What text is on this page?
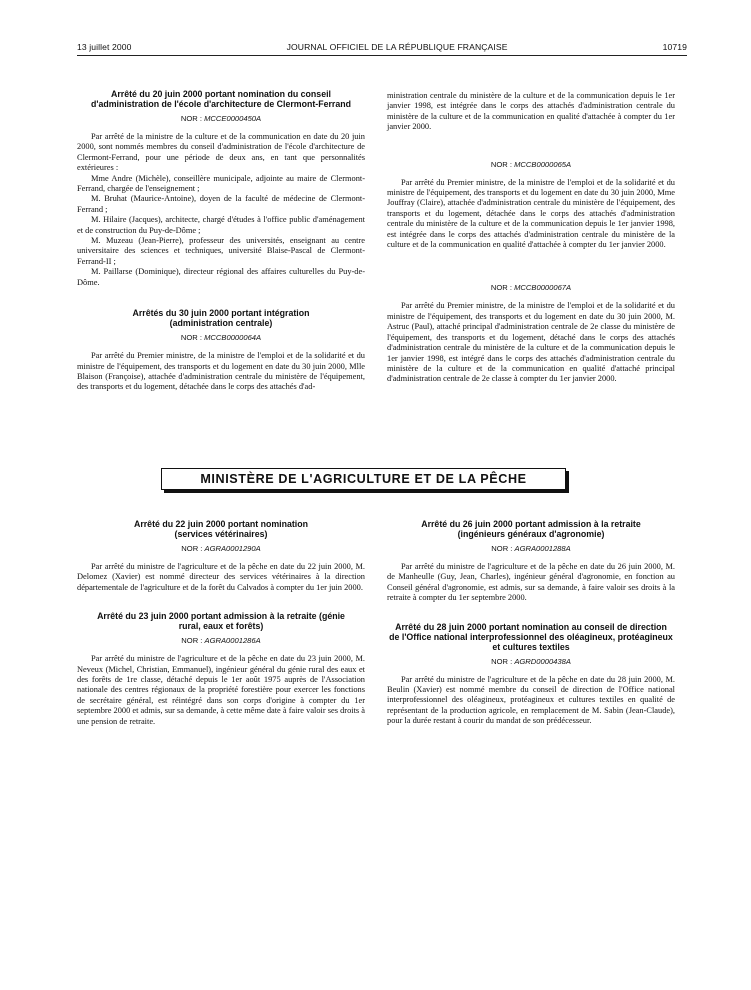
13 juillet 2000	JOURNAL OFFICIEL DE LA RÉPUBLIQUE FRANÇAISE	10719
Arrêté du 20 juin 2000 portant nomination du conseil d'administration de l'école d'architecture de Clermont-Ferrand
NOR : MCCE0000450A

Par arrêté de la ministre de la culture et de la communication en date du 20 juin 2000, sont nommés membres du conseil d'administration de l'école d'architecture de Clermont-Ferrand, pour une période de deux ans, en tant que personnalités extérieures :

Mme Andre (Michèle), conseillère municipale, adjointe au maire de Clermont-Ferrand, chargée de l'enseignement ;

M. Bruhat (Maurice-Antoine), doyen de la faculté de médecine de Clermont-Ferrand ;

M. Hilaire (Jacques), architecte, chargé d'études à l'office public d'aménagement et de construction du Puy-de-Dôme ;

M. Muzeau (Jean-Pierre), professeur des universités, enseignant au centre universitaire des sciences et techniques, université Blaise-Pascal de Clermont-Ferrand-II ;

M. Paillarse (Dominique), directeur régional des affaires culturelles du Puy-de-Dôme.

Arrêtés du 30 juin 2000 portant intégration (administration centrale)
NOR : MCCB0000064A

Par arrêté du Premier ministre, de la ministre de l'emploi et de la solidarité et du ministre de l'équipement, des transports et du logement en date du 30 juin 2000, Mlle Blaison (Françoise), attachée d'administration centrale du ministère de l'équipement, des transports et du logement, détachée dans le corps des attachés d'ad-

ministration centrale du ministère de la culture et de la communication depuis le 1er janvier 1998, est intégrée dans le corps des attachés d'administration centrale du ministère de la culture et de la communication en qualité d'attachée à compter du 1er janvier 2000.

NOR : MCCB0000065A

Par arrêté du Premier ministre, de la ministre de l'emploi et de la solidarité et du ministre de l'équipement, des transports et du logement en date du 30 juin 2000, Mme Jouffray (Claire), attachée d'administration centrale du ministère de l'équipement, des transports et du logement, détachée dans le corps des attachés d'administration centrale du ministère de la culture et de la communication depuis le 1er janvier 1998, est intégrée dans le corps des attachés d'administration centrale du ministère de la culture et de la communication en qualité d'attachée à compter du 1er janvier 2000.

NOR : MCCB0000067A

Par arrêté du Premier ministre, de la ministre de l'emploi et de la solidarité et du ministre de l'équipement, des transports et du logement en date du 30 juin 2000, M. Astruc (Paul), attaché principal d'administration centrale de 2e classe du ministère de l'équipement, des transports et du logement, détaché dans le corps des attachés d'administration centrale du ministère de la culture et de la communication depuis le 1er janvier 1998, est intégré dans le corps des attachés d'administration centrale du ministère de la culture et de la communication en qualité d'attaché principal d'administration centrale de 2e classe à compter du 1er janvier 2000.

MINISTÈRE DE L'AGRICULTURE ET DE LA PÊCHE
Arrêté du 22 juin 2000 portant nomination (services vétérinaires)
NOR : AGRA0001290A

Par arrêté du ministre de l'agriculture et de la pêche en date du 22 juin 2000, M. Delomez (Xavier) est nommé directeur des services vétérinaires à la direction départementale de l'agriculture et de la forêt du Calvados à compter du 1er juin 2000.

Arrêté du 23 juin 2000 portant admission à la retraite (génie rural, eaux et forêts)
NOR : AGRA0001286A

Par arrêté du ministre de l'agriculture et de la pêche en date du 23 juin 2000, M. Neveux (Michel, Christian, Emmanuel), ingénieur général du génie rural des eaux et des forêts de 1re classe, détaché depuis le 1er août 1975 auprès de l'Association nationale des centres régionaux de la propriété forestière pour exercer les fonctions de secrétaire général, est réintégré dans son corps d'origine à compter du 1er septembre 2000 et admis, sur sa demande, à cette même date à faire valoir ses droits à une pension de retraite.

Arrêté du 26 juin 2000 portant admission à la retraite (ingénieurs généraux d'agronomie)
NOR : AGRA0001288A

Par arrêté du ministre de l'agriculture et de la pêche en date du 26 juin 2000, M. de Manheulle (Guy, Jean, Charles), ingénieur général d'agronomie, en fonction au Conseil général d'agronomie, est admis, sur sa demande, à faire valoir ses droits à la retraite à compter du 1er septembre 2000.

Arrêté du 28 juin 2000 portant nomination au conseil de direction de l'Office national interprofessionnel des oléagineux, protéagineux et cultures textiles
NOR : AGRD0000438A

Par arrêté du ministre de l'agriculture et de la pêche en date du 28 juin 2000, M. Beulin (Xavier) est nommé membre du conseil de direction de l'Office national interprofessionnel des oléagineux, protéagineux et cultures textiles en qualité de représentant de la production agricole, en remplacement de M. Sabin (Jean-Claude), pour la durée restant à courir du mandat de son prédécesseur.
